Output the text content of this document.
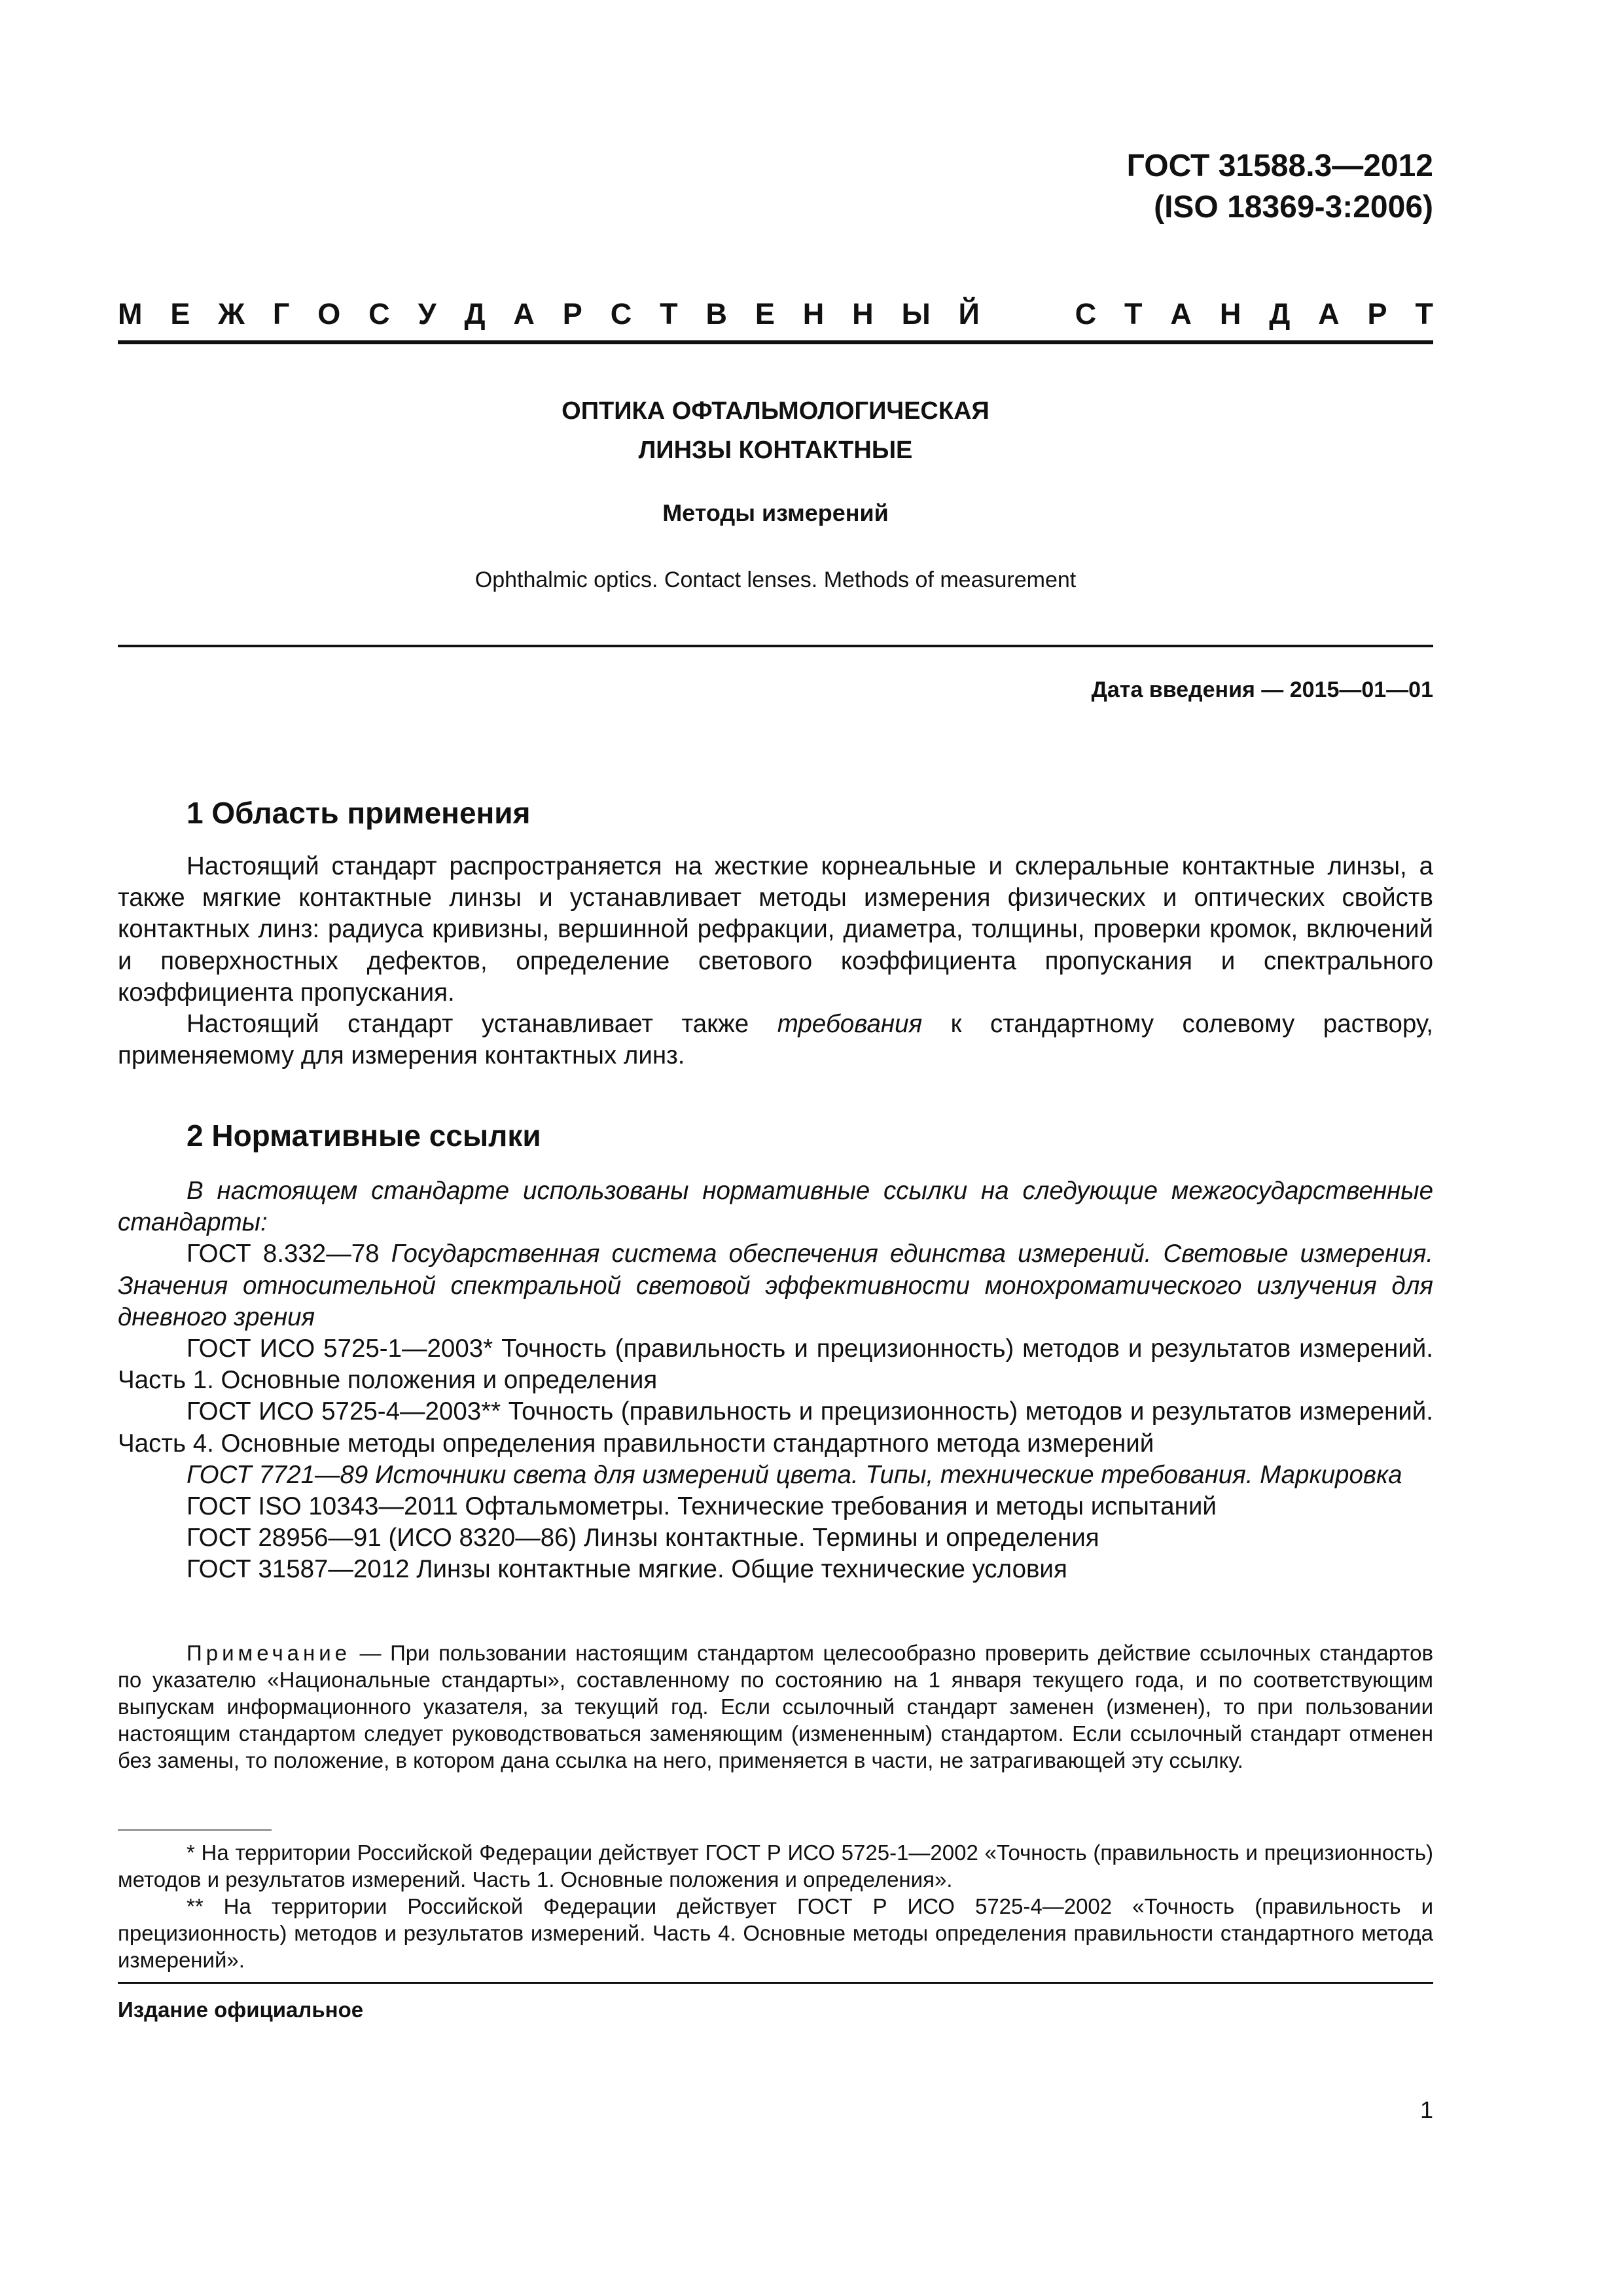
ГОСТ 31588.3—2012
(ISO 18369-3:2006)
М Е Ж Г О С У Д А Р С Т В Е Н Н Ы Й	С Т А Н Д А Р Т
ОПТИКА ОФТАЛЬМОЛОГИЧЕСКАЯ
ЛИНЗЫ КОНТАКТНЫЕ
Методы измерений
Ophthalmic optics. Contact lenses. Methods of measurement
Дата введения — 2015—01—01
1 Область применения

Настоящий стандарт распространяется на жесткие корнеальные и склеральные контактные линзы, а также мягкие контактные линзы и устанавливает методы измерения физических и оптических свойств контактных линз: радиуса кривизны, вершинной рефракции, диаметра, толщины, проверки кромок, включений и поверхностных дефектов, определение светового коэффициента пропускания и спектрального коэффициента пропускания.

Настоящий стандарт устанавливает также требования к стандартному солевому раствору, применяемому для измерения контактных линз.

2 Нормативные ссылки

В настоящем стандарте использованы нормативные ссылки на следующие межгосударственные стандарты:

ГОСТ 8.332—78 Государственная система обеспечения единства измерений. Световые измерения. Значения относительной спектральной световой эффективности монохроматического излучения для дневного зрения

ГОСТ ИСО 5725-1—2003* Точность (правильность и прецизионность) методов и результатов измерений. Часть 1. Основные положения и определения

ГОСТ ИСО 5725-4—2003** Точность (правильность и прецизионность) методов и результатов измерений. Часть 4. Основные методы определения правильности стандартного метода измерений

ГОСТ 7721—89 Источники света для измерений цвета. Типы, технические требования. Маркировка

ГОСТ ISO 10343—2011 Офтальмометры. Технические требования и методы испытаний

ГОСТ 28956—91 (ИСО 8320—86) Линзы контактные. Термины и определения

ГОСТ 31587—2012 Линзы контактные мягкие. Общие технические условия

Примечание — При пользовании настоящим стандартом целесообразно проверить действие ссылочных стандартов по указателю «Национальные стандарты», составленному по состоянию на 1 января текущего года, и по соответствующим выпускам информационного указателя, за текущий год. Если ссылочный стандарт заменен (изменен), то при пользовании настоящим стандартом следует руководствоваться заменяющим (измененным) стандартом. Если ссылочный стандарт отменен без замены, то положение, в котором дана ссылка на него, применяется в части, не затрагивающей эту ссылку.

* На территории Российской Федерации действует ГОСТ Р ИСО 5725-1—2002 «Точность (правильность и прецизионность) методов и результатов измерений. Часть 1. Основные положения и определения».

** На территории Российской Федерации действует ГОСТ Р ИСО 5725-4—2002 «Точность (правильность и прецизионность) методов и результатов измерений. Часть 4. Основные методы определения правильности стандартного метода измерений».

Издание официальное
1
